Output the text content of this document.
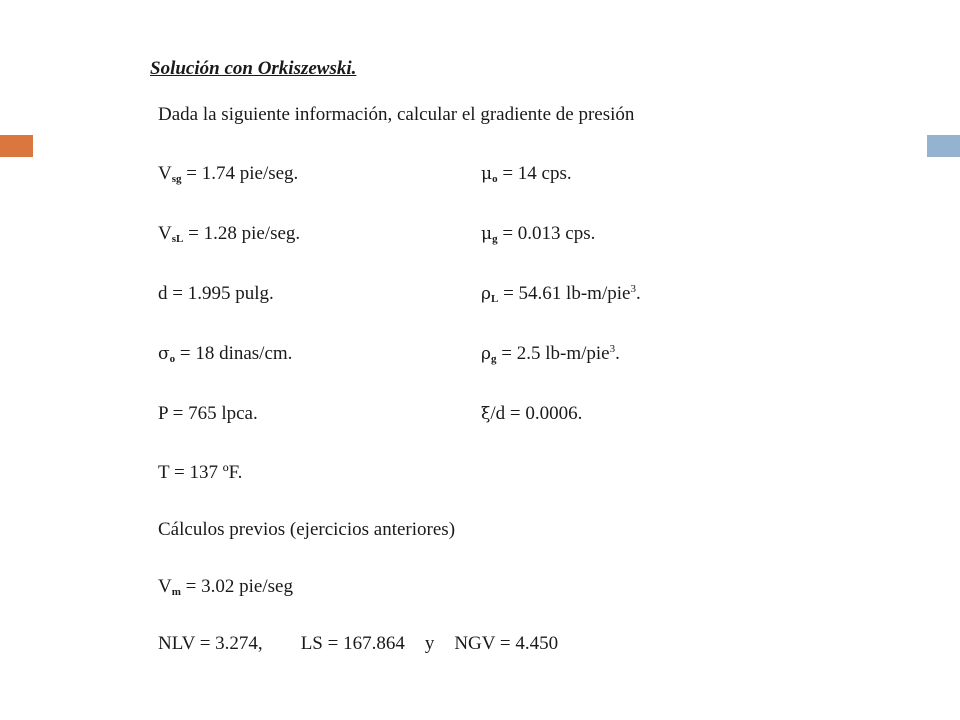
Solución con Orkiszewski.
Dada la siguiente información, calcular el gradiente de presión
$V_{sg} = 1.74$ pie/seg.	$\mu_o = 14$ cps.
$V_{sL} = 1.28$ pie/seg.	$\mu_g = 0.013$ cps.
d = 1.995 pulg.	$\rho_L = 54.61$ lb-m/pie$^3$.
$\sigma_o = 18$ dinas/cm.	$\rho_g = 2.5$ lb-m/pie$^3$.
P = 765 lpca.	ξ/d = 0.0006.
T = 137 ºF.
Cálculos previos (ejercicios anteriores)
$V_m = 3.02$ pie/seg
NLV = 3.274, LS = 167.864 y NGV = 4.450
